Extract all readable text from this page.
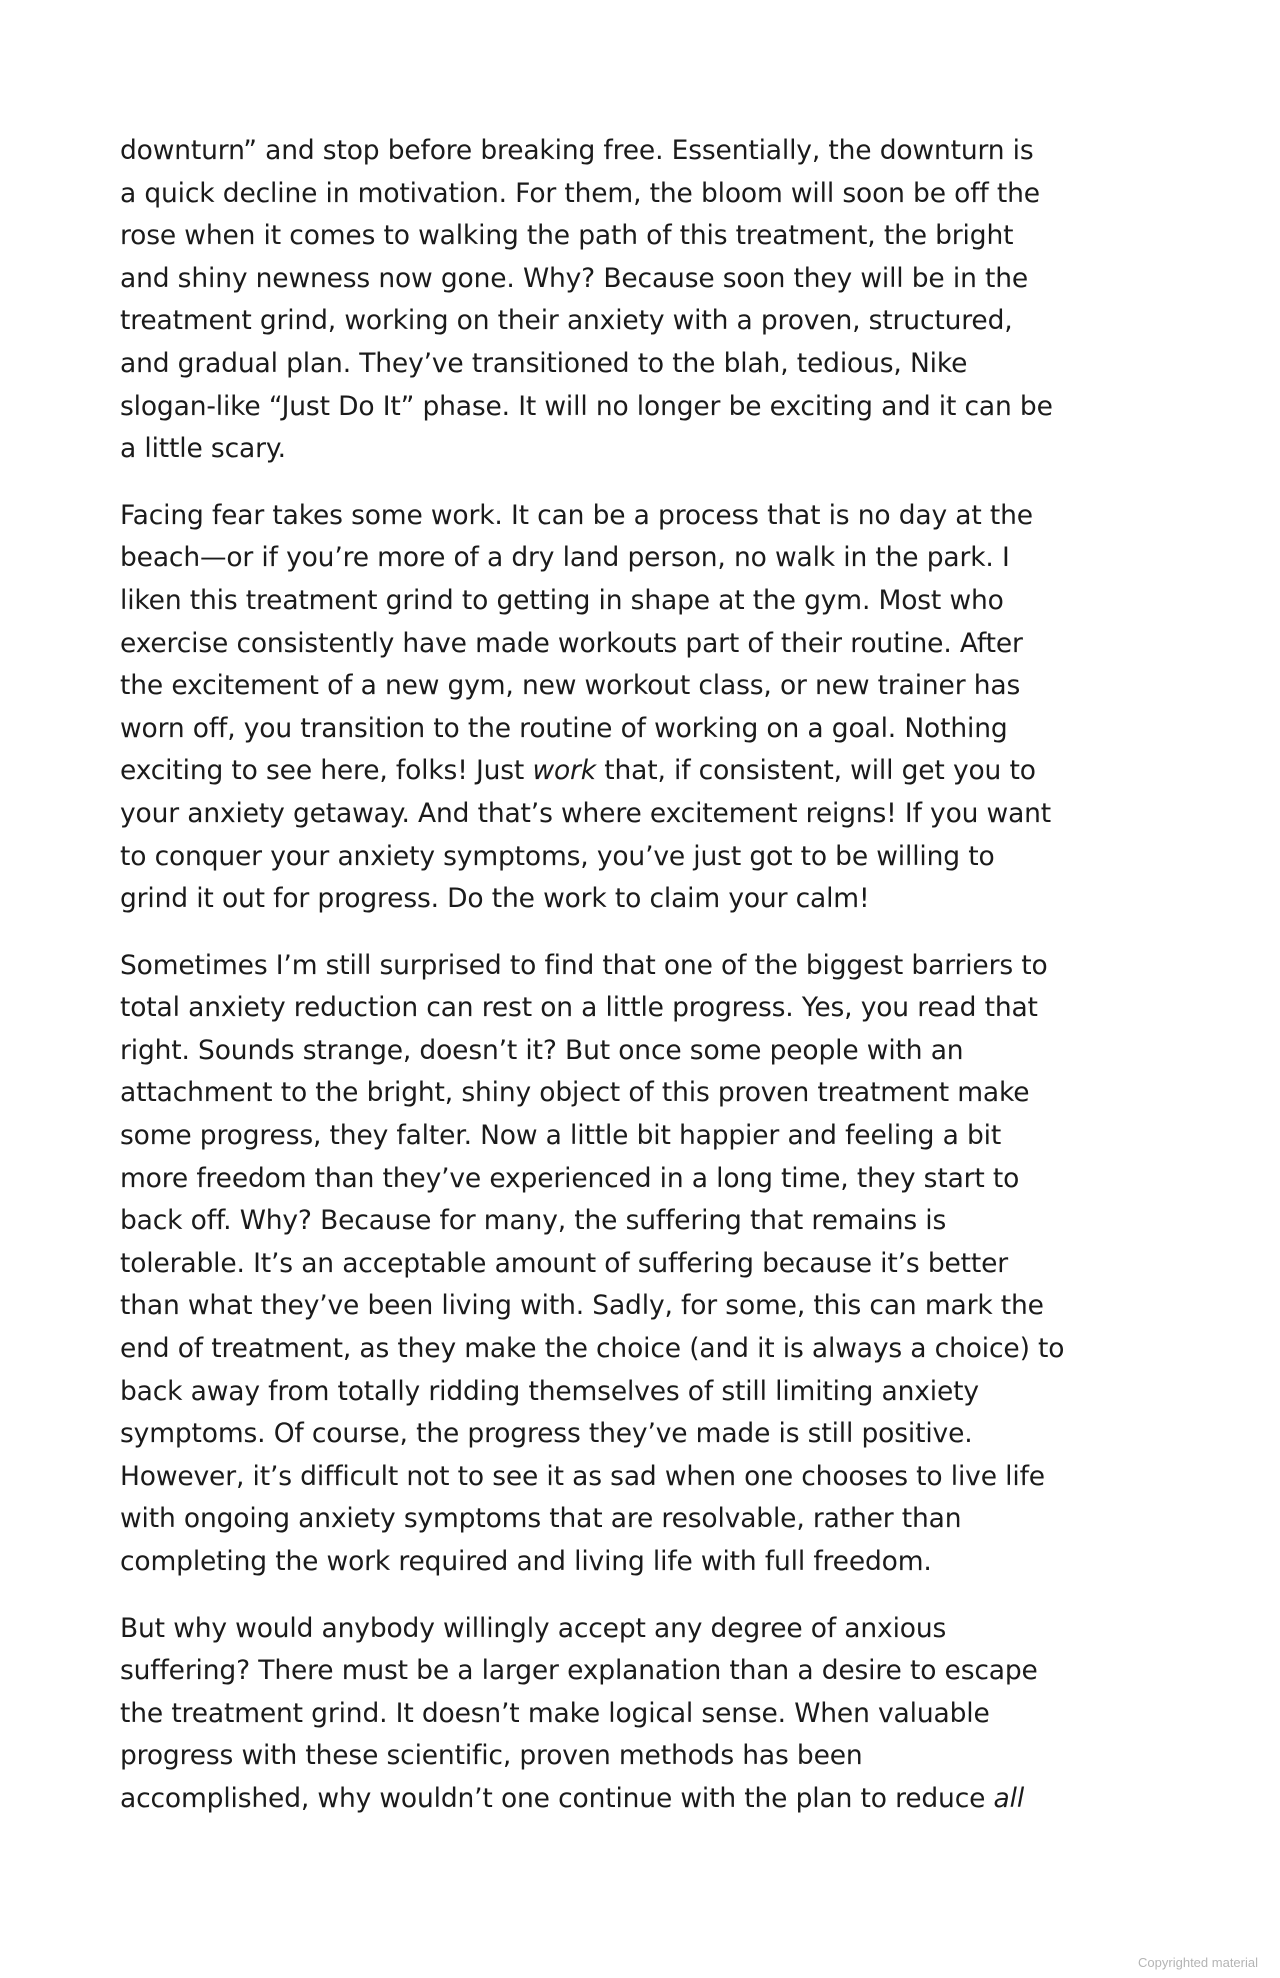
downturn” and stop before breaking free. Essentially, the downturn is
a quick decline in motivation. For them, the bloom will soon be off the
rose when it comes to walking the path of this treatment, the bright
and shiny newness now gone. Why? Because soon they will be in the
treatment grind, working on their anxiety with a proven, structured,
and gradual plan. They’ve transitioned to the blah, tedious, Nike
slogan-like “Just Do It” phase. It will no longer be exciting and it can be
a little scary.

Facing fear takes some work. It can be a process that is no day at the
beach—or if you’re more of a dry land person, no walk in the park. I
liken this treatment grind to getting in shape at the gym. Most who
exercise consistently have made workouts part of their routine. After
the excitement of a new gym, new workout class, or new trainer has
worn off, you transition to the routine of working on a goal. Nothing
exciting to see here, folks! Just work that, if consistent, will get you to
your anxiety getaway. And that’s where excitement reigns! If you want
to conquer your anxiety symptoms, you’ve just got to be willing to
grind it out for progress. Do the work to claim your calm!

Sometimes I’m still surprised to find that one of the biggest barriers to
total anxiety reduction can rest on a little progress. Yes, you read that
right. Sounds strange, doesn’t it? But once some people with an
attachment to the bright, shiny object of this proven treatment make
some progress, they falter. Now a little bit happier and feeling a bit
more freedom than they’ve experienced in a long time, they start to
back off. Why? Because for many, the suffering that remains is
tolerable. It’s an acceptable amount of suffering because it’s better
than what they’ve been living with. Sadly, for some, this can mark the
end of treatment, as they make the choice (and it is always a choice) to
back away from totally ridding themselves of still limiting anxiety
symptoms. Of course, the progress they’ve made is still positive.
However, it’s difficult not to see it as sad when one chooses to live life
with ongoing anxiety symptoms that are resolvable, rather than
completing the work required and living life with full freedom.

But why would anybody willingly accept any degree of anxious
suffering? There must be a larger explanation than a desire to escape
the treatment grind. It doesn’t make logical sense. When valuable
progress with these scientific, proven methods has been
accomplished, why wouldn’t one continue with the plan to reduce all

Copyrighted material
